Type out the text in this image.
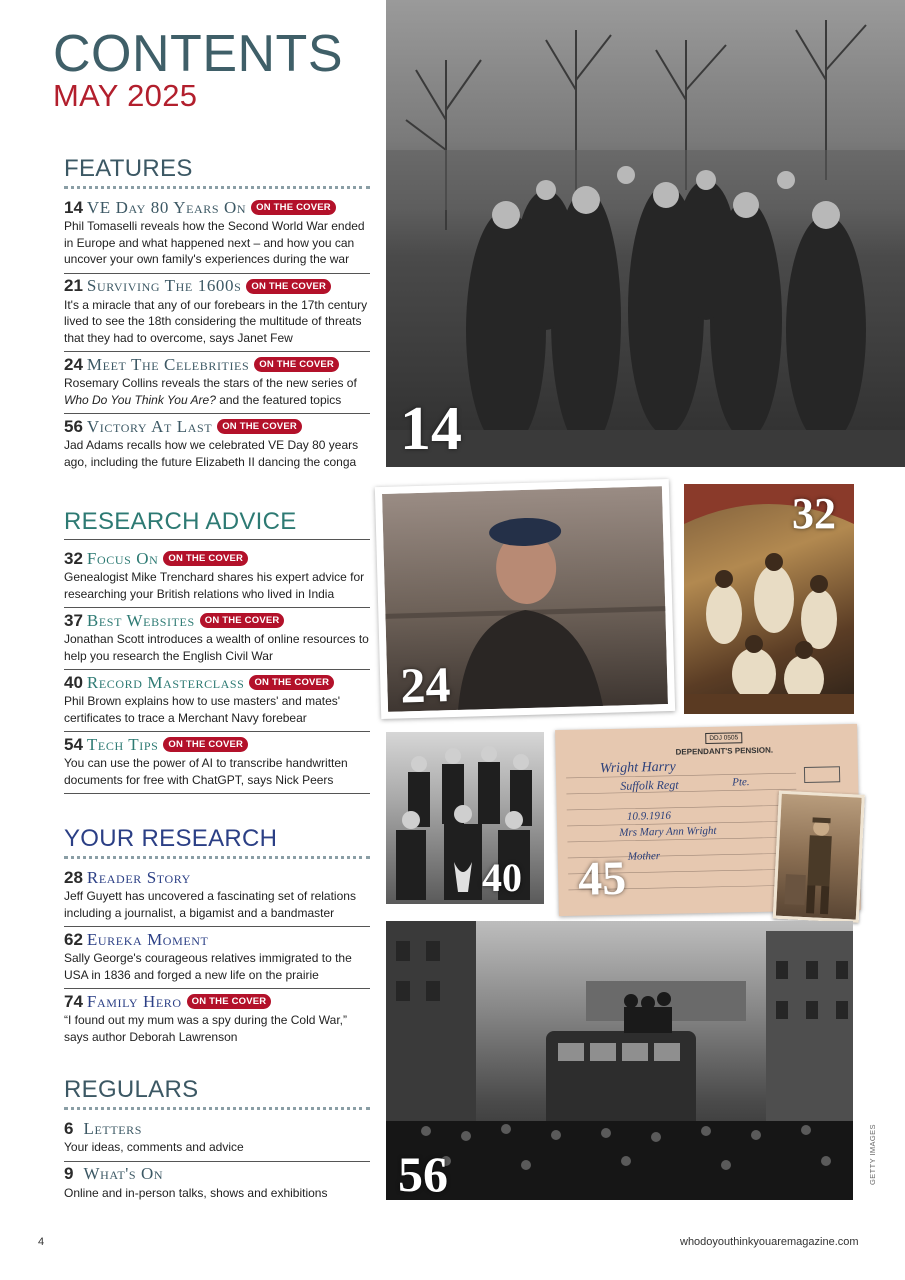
CONTENTS
MAY 2025
FEATURES
14 VE Day 80 Years On	ON THE COVER
Phil Tomaselli reveals how the Second World War ended in Europe and what happened next – and how you can uncover your own family's experiences during the war
21 Surviving The 1600s	ON THE COVER
It's a miracle that any of our forebears in the 17th century lived to see the 18th considering the multitude of threats that they had to overcome, says Janet Few
24 Meet The Celebrities	ON THE COVER
Rosemary Collins reveals the stars of the new series of Who Do You Think You Are? and the featured topics
56 Victory At Last	ON THE COVER
Jad Adams recalls how we celebrated VE Day 80 years ago, including the future Elizabeth II dancing the conga
RESEARCH ADVICE
32 Focus On	ON THE COVER
Genealogist Mike Trenchard shares his expert advice for researching your British relations who lived in India
37 Best Websites	ON THE COVER
Jonathan Scott introduces a wealth of online resources to help you research the English Civil War
40 Record Masterclass	ON THE COVER
Phil Brown explains how to use masters' and mates' certificates to trace a Merchant Navy forebear
54 Tech Tips	ON THE COVER
You can use the power of AI to transcribe handwritten documents for free with ChatGPT, says Nick Peers
YOUR RESEARCH
28 Reader Story
Jeff Guyett has uncovered a fascinating set of relations including a journalist, a bigamist and a bandmaster
62 Eureka Moment
Sally George's courageous relatives immigrated to the USA in 1836 and forged a new life on the prairie
74 Family Hero	ON THE COVER
“I found out my mum was a spy during the Cold War,” says author Deborah Lawrenson
REGULARS
6 Letters
Your ideas, comments and advice
9 What's On
Online and in-person talks, shows and exhibitions
14
24
32
40
DDJ 0505
DEPENDANT'S PENSION.
Wright Harry
Suffolk Regt	Pte.
10.9.1916
Mrs Mary Ann Wright
Mother
45
56	GETTY IMAGES
4	whodoyouthinkyouaremagazine.com
